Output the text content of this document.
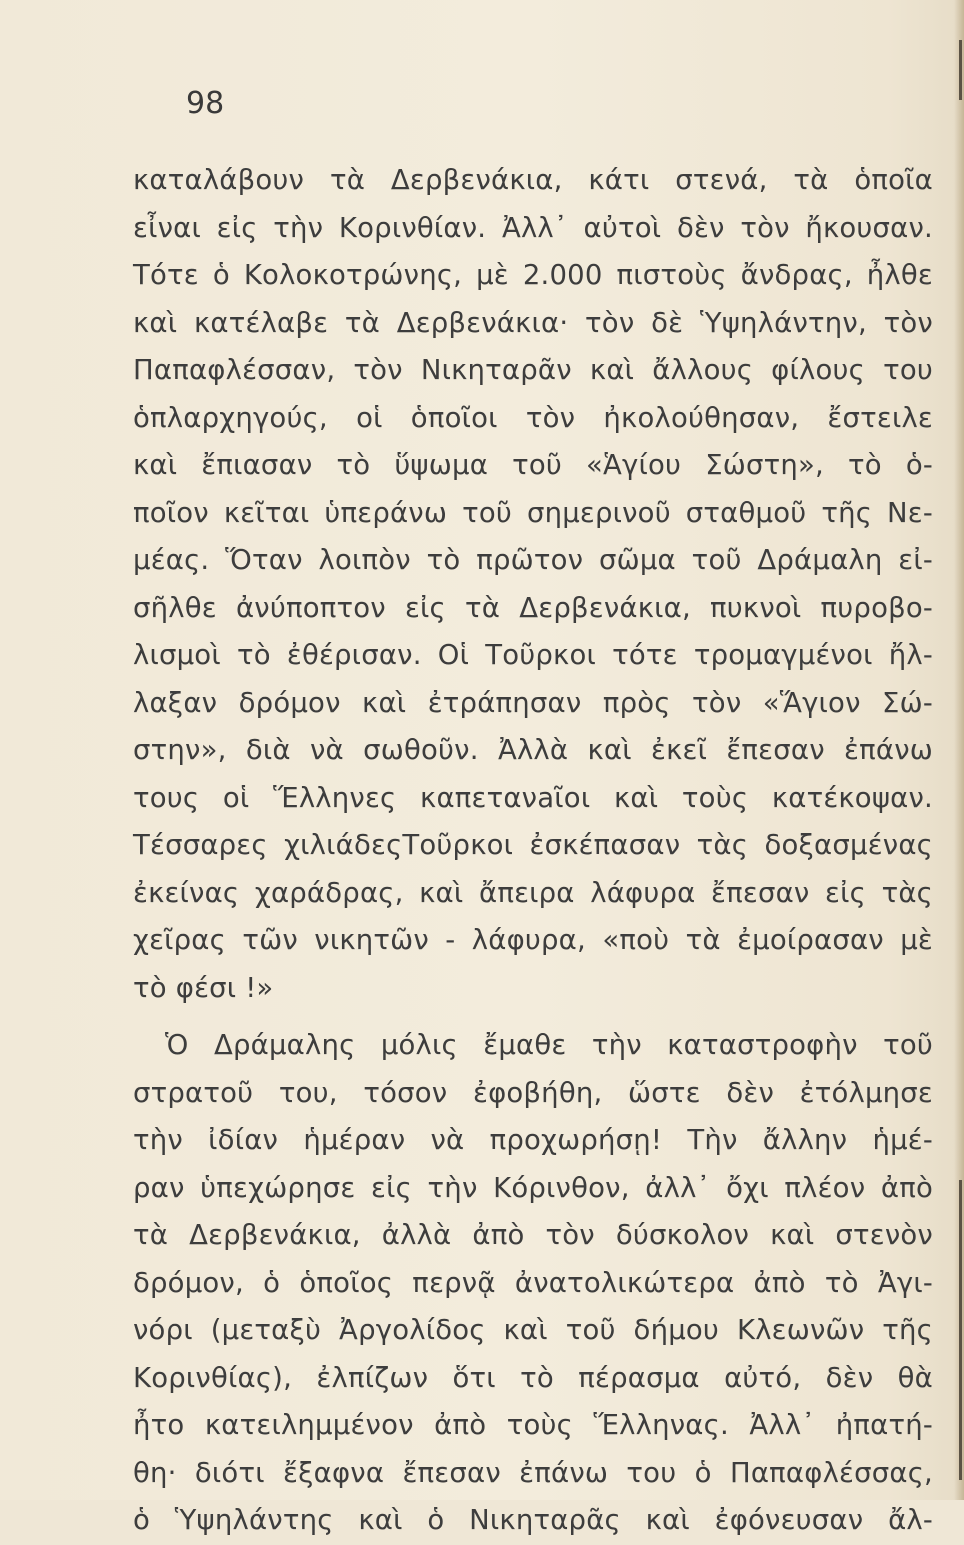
98

καταλάβουν τὰ Δερβενάκια, κάτι στενά, τὰ ὁποῖα
εἶναι εἰς τὴν Κορινθίαν. Ἀλλ᾽ αὐτοὶ δὲν τὸν ἤκουσαν.
Τότε ὁ Κολοκοτρώνης, μὲ 2.000 πιστοὺς ἄνδρας, ἦλθε
καὶ κατέλαβε τὰ Δερβενάκια· τὸν δὲ Ὑψηλάντην, τὸν
Παπαφλέσσαν, τὸν Νικηταρᾶν καὶ ἄλλους φίλους του
ὁπλαρχηγούς, οἱ ὁποῖοι τὸν ἠκολούθησαν, ἔστειλε
καὶ ἔπιασαν τὸ ὕψωμα τοῦ «Ἁγίου Σώστη», τὸ ὁ-
ποῖον κεῖται ὑπεράνω τοῦ σημερινοῦ σταθμοῦ τῆς Νε-
μέας. Ὅταν λοιπὸν τὸ πρῶτον σῶμα τοῦ Δράμαλη εἰ-
σῆλθε ἀνύποπτον εἰς τὰ Δερβενάκια, πυκνοὶ πυροβο-
λισμοὶ τὸ ἐθέρισαν. Οἱ Τοῦρκοι τότε τρομαγμένοι ἤλ-
λαξαν δρόμον καὶ ἐτράπησαν πρὸς τὸν «Ἅγιον Σώ-
στην», διὰ νὰ σωθοῦν. Ἀλλὰ καὶ ἐκεῖ ἔπεσαν ἐπάνω
τους οἱ Ἕλληνες καπετανaῖοι καὶ τοὺς κατέκοψαν.
Τέσσαρες χιλιάδεςΤοῦρκοι ἐσκέπασαν τὰς δοξασμένας
ἐκείνας χαράδρας, καὶ ἄπειρα λάφυρα ἔπεσαν εἰς τὰς
χεῖρας τῶν νικητῶν - λάφυρα, «ποὺ τὰ ἐμοίρασαν μὲ
τὸ φέσι !»

Ὁ Δράμαλης μόλις ἔμαθε τὴν καταστροφὴν τοῦ
στρατοῦ του, τόσον ἐφοβήθη, ὥστε δὲν ἐτόλμησε
τὴν ἰδίαν ἡμέραν νὰ προχωρήσῃ! Τὴν ἄλλην ἡμέ-
ραν ὑπεχώρησε εἰς τὴν Κόρινθον, ἀλλ᾽ ὄχι πλέον ἀπὸ
τὰ Δερβενάκια, ἀλλὰ ἀπὸ τὸν δύσκολον καὶ στενὸν
δρόμον, ὁ ὁποῖος περνᾷ ἀνατολικώτερα ἀπὸ τὸ Ἀγι-
νόρι (μεταξὺ Ἀργολίδος καὶ τοῦ δήμου Κλεωνῶν τῆς
Κορινθίας), ἐλπίζων ὅτι τὸ πέρασμα αὐτό, δὲν θὰ
ἦτο κατειλημμένον ἀπὸ τοὺς Ἕλληνας. Ἀλλ᾽ ἠπατή-
θη· διότι ἔξαφνα ἔπεσαν ἐπάνω του ὁ Παπαφλέσσας,
ὁ Ὑψηλάντης καὶ ὁ Νικηταρᾶς καὶ ἐφόνευσαν ἄλ-
